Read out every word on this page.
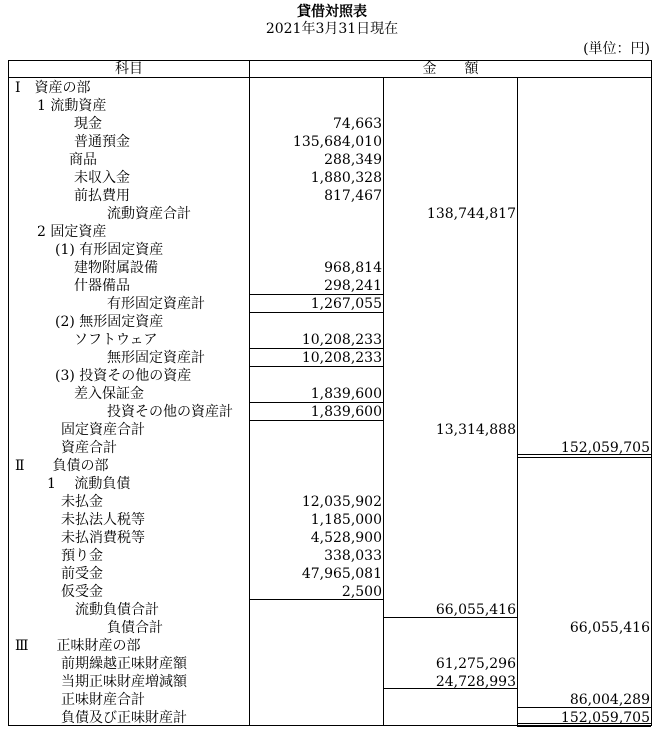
貸借対照表
2021年3月31日現在
(単位：円)
科目	金額
Ⅰ　資産の部
1 流動資産
現金	74,663
普通預金	135,684,010
商品	288,349
未収入金	1,880,328
前払費用	817,467
流動資産合計	138,744,817
2 固定資産
(1) 有形固定資産
建物附属設備	968,814
什器備品	298,241
有形固定資産計	1,267,055
(2) 無形固定資産
ソフトウェア	10,208,233
無形固定資産計	10,208,233
(3) 投資その他の資産
差入保証金	1,839,600
投資その他の資産計	1,839,600
固定資産合計	13,314,888
資産合計	152,059,705
Ⅱ　　負債の部
1　 流動負債
未払金	12,035,902
未払法人税等	1,185,000
未払消費税等	4,528,900
預り金	338,033
前受金	47,965,081
仮受金	2,500
流動負債合計	66,055,416
負債合計	66,055,416
Ⅲ　　正味財産の部
前期繰越正味財産額	61,275,296
当期正味財産増減額	24,728,993
正味財産合計	86,004,289
負債及び正味財産計	152,059,705
